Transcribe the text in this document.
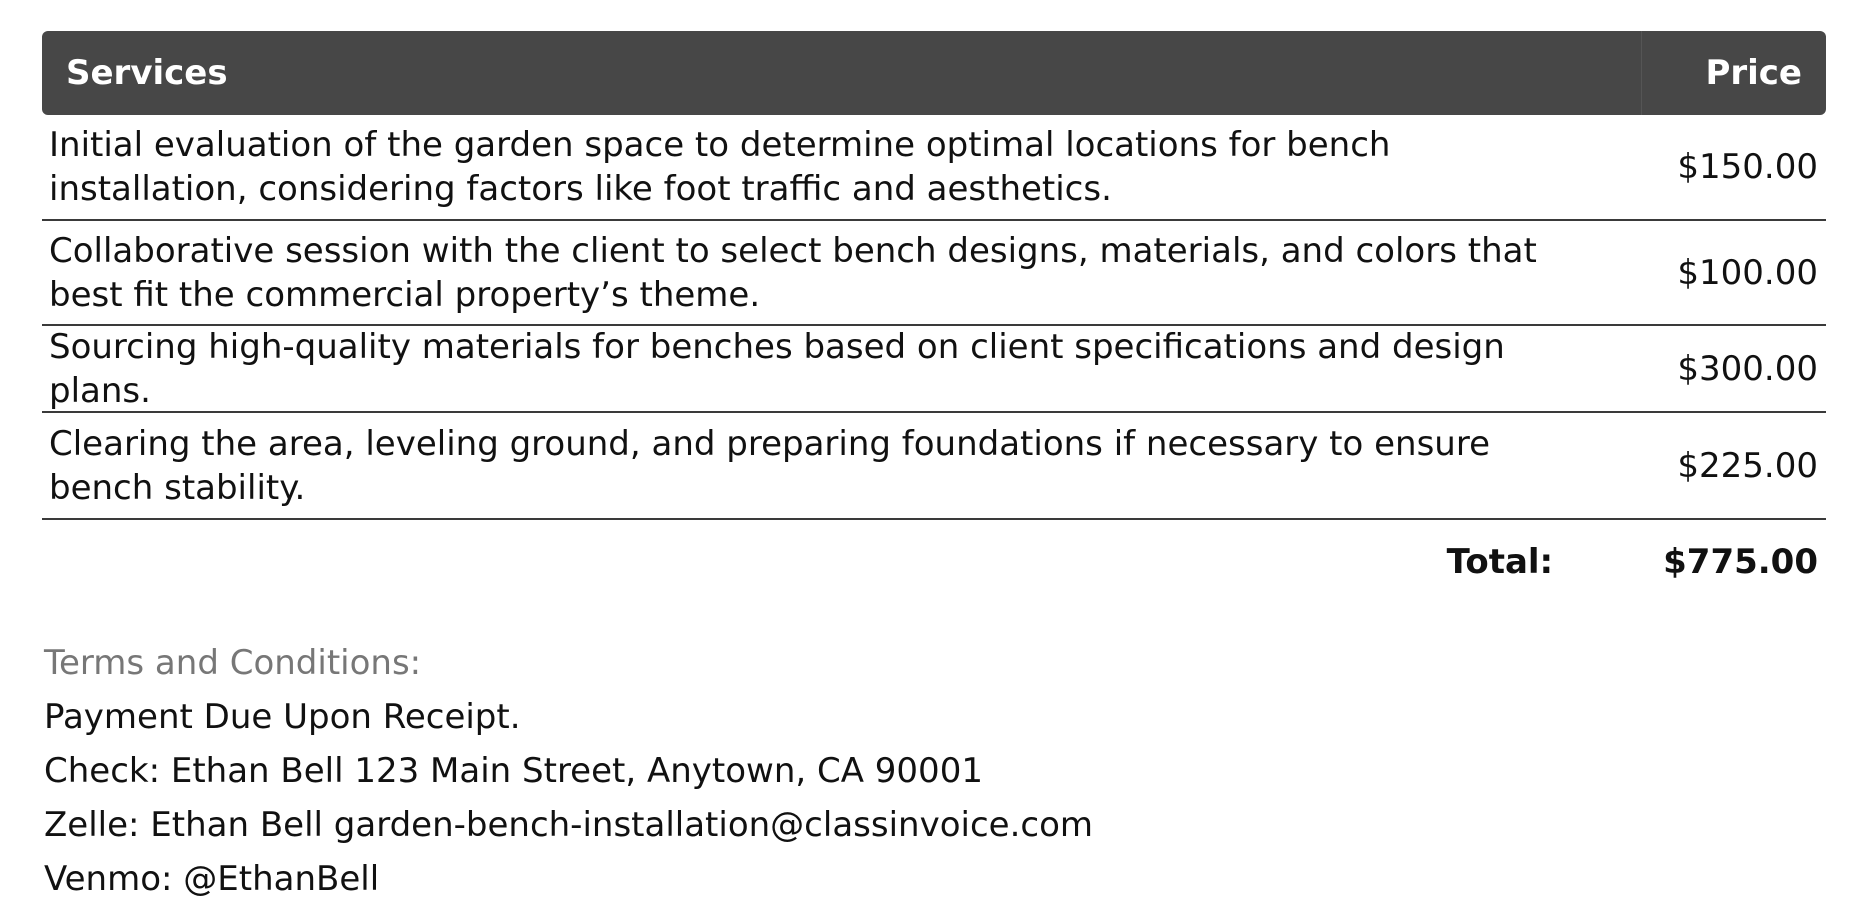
Services	Price
Initial evaluation of the garden space to determine optimal locations for bench installation, considering factors like foot traffic and aesthetics.
$150.00
Collaborative session with the client to select bench designs, materials, and colors that best fit the commercial property’s theme.
$100.00
Sourcing high-quality materials for benches based on client specifications and design plans.
$300.00
Clearing the area, leveling ground, and preparing foundations if necessary to ensure bench stability.
$225.00
Total:	$775.00
Terms and Conditions:
Payment Due Upon Receipt.
Check: Ethan Bell 123 Main Street, Anytown, CA 90001
Zelle: Ethan Bell garden-bench-installation@classinvoice.com
Venmo: @EthanBell
